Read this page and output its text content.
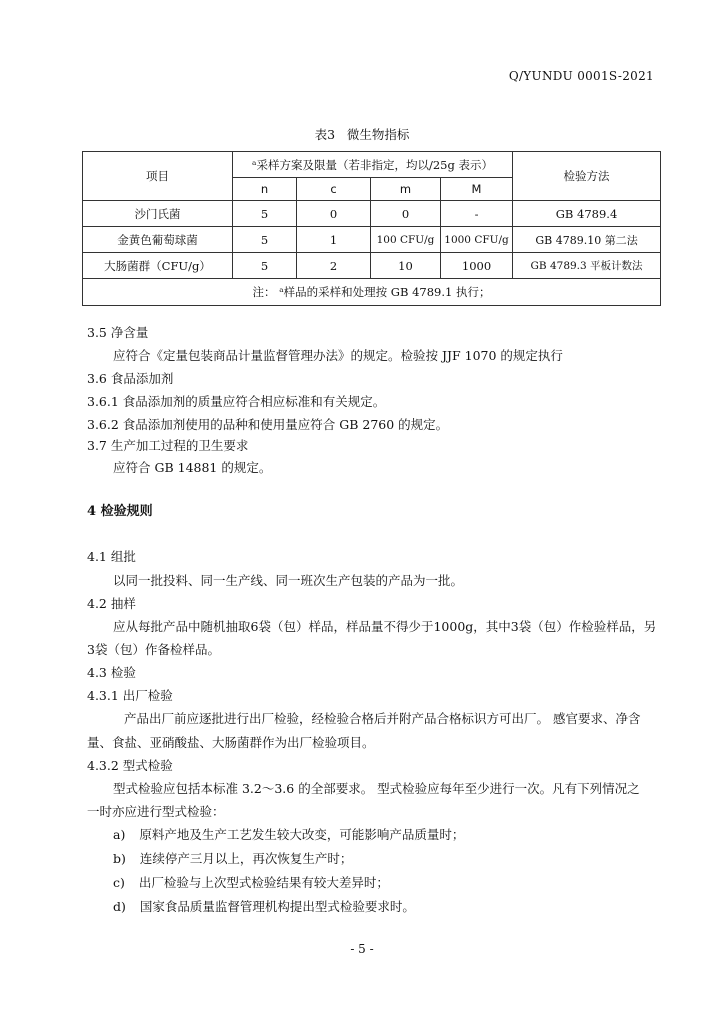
Q/YUNDU 0001S-2021
表3   微生物指标
项目	ᵃ采样方案及限量（若非指定，均以/25g 表示）				检验方法
	n	c	m	M	
沙门氏菌	5	0	0	-	GB 4789.4
金黄色葡萄球菌	5	1	100 CFU/g	1000 CFU/g	GB 4789.10 第二法
大肠菌群（CFU/g）	5	2	10	1000	GB 4789.3 平板计数法
注： ᵃ样品的采样和处理按 GB 4789.1 执行；					
3.5 净含量
应符合《定量包装商品计量监督管理办法》的规定。检验按 JJF 1070 的规定执行
3.6 食品添加剂
3.6.1 食品添加剂的质量应符合相应标准和有关规定。
3.6.2 食品添加剂使用的品种和使用量应符合 GB 2760 的规定。
3.7 生产加工过程的卫生要求
应符合 GB 14881 的规定。
4 检验规则
4.1 组批
以同一批投料、同一生产线、同一班次生产包装的产品为一批。
4.2 抽样
应从每批产品中随机抽取6袋（包）样品，样品量不得少于1000g，其中3袋（包）作检验样品，另
3袋（包）作备检样品。
4.3 检验
4.3.1 出厂检验
产品出厂前应逐批进行出厂检验，经检验合格后并附产品合格标识方可出厂。 感官要求、净含
量、食盐、亚硝酸盐、大肠菌群作为出厂检验项目。
4.3.2 型式检验
型式检验应包括本标准 3.2～3.6 的全部要求。 型式检验应每年至少进行一次。凡有下列情况之
一时亦应进行型式检验：
a) 原料产地及生产工艺发生较大改变，可能影响产品质量时；
b) 连续停产三月以上，再次恢复生产时；
c) 出厂检验与上次型式检验结果有较大差异时；
d) 国家食品质量监督管理机构提出型式检验要求时。
- 5 -
